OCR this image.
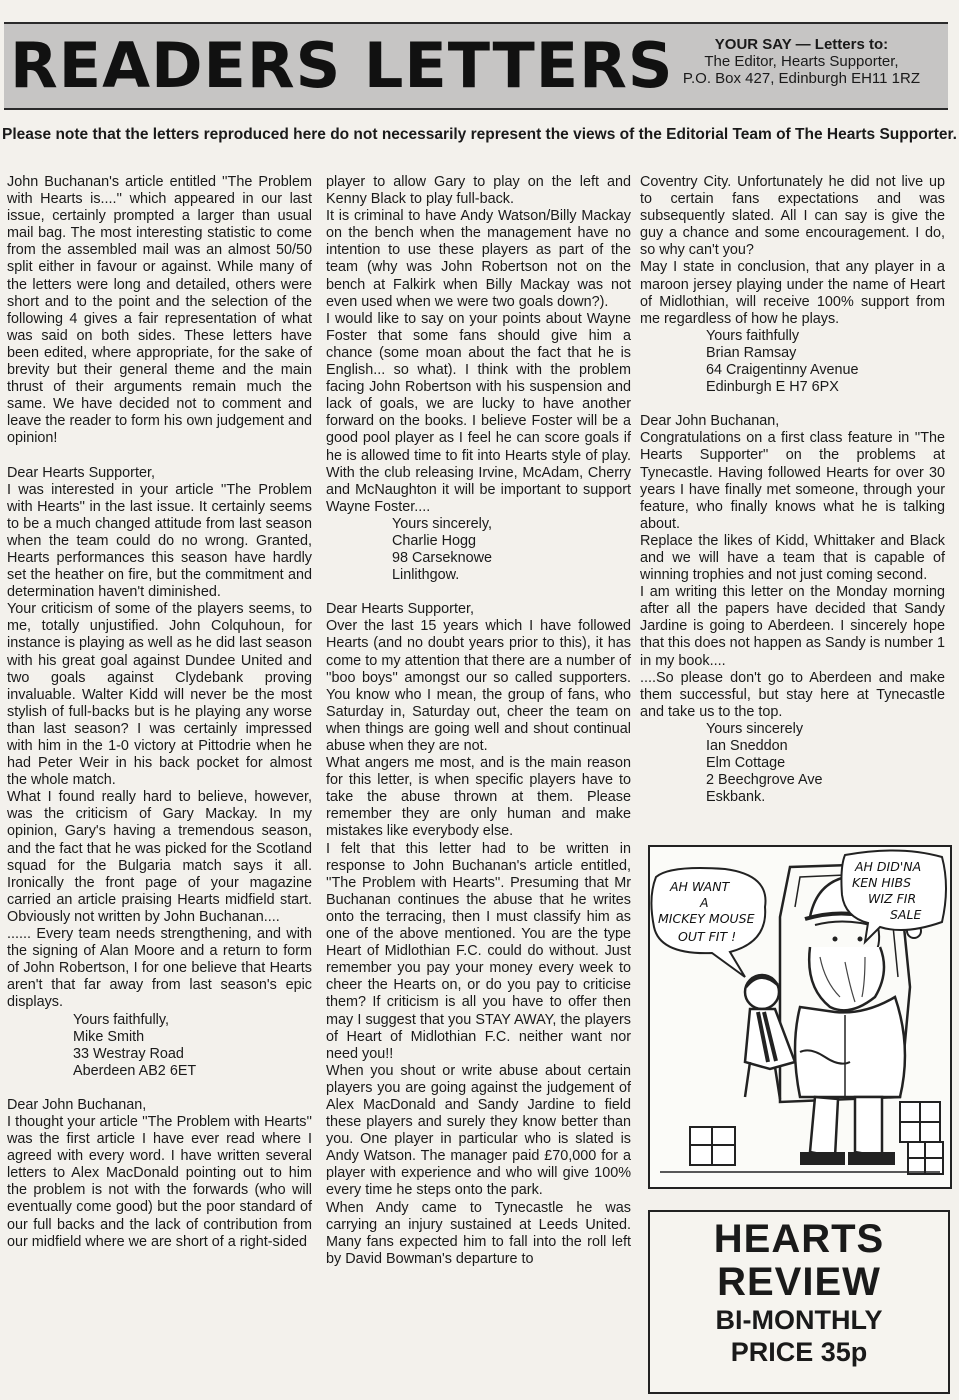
READERS LETTERS	YOUR SAY — Letters to:
The Editor, Hearts Supporter,
P.O. Box 427, Edinburgh EH11 1RZ
Please note that the letters reproduced here do not necessarily represent the views of the Editorial Team of The Hearts Supporter.

John Buchanan's article entitled ''The Problem with Hearts is....'' which appeared in our last issue, certainly prompted a larger than usual mail bag. The most interesting statistic to come from the assembled mail was an almost 50/50 split either in favour or against. While many of the letters were long and detailed, others were short and to the point and the selection of the following 4 gives a fair representation of what was said on both sides. These letters have been edited, where appropriate, for the sake of brevity but their general theme and the main thrust of their arguments remain much the same. We have decided not to comment and leave the reader to form his own judgement and opinion!

Dear Hearts Supporter,

I was interested in your article ''The Problem with Hearts'' in the last issue. It certainly seems to be a much changed attitude from last season when the team could do no wrong. Granted, Hearts performances this season have hardly set the heather on fire, but the commitment and determination haven't diminished.

Your criticism of some of the players seems, to me, totally unjustified. John Colquhoun, for instance is playing as well as he did last season with his great goal against Dundee United and two goals against Clydebank proving invaluable. Walter Kidd will never be the most stylish of full-backs but is he playing any worse than last season? I was certainly impressed with him in the 1-0 victory at Pittodrie when he had Peter Weir in his back pocket for almost the whole match.

What I found really hard to believe, however, was the criticism of Gary Mackay. In my opinion, Gary's having a tremendous season, and the fact that he was picked for the Scotland squad for the Bulgaria match says it all. Ironically the front page of your magazine carried an article praising Hearts midfield start. Obviously not written by John Buchanan....

...... Every team needs strengthening, and with the signing of Alan Moore and a return to form of John Robertson, I for one believe that Hearts aren't that far away from last season's epic displays.

Yours faithfully,

Mike Smith

33 Westray Road

Aberdeen AB2 6ET

Dear John Buchanan,

I thought your article ''The Problem with Hearts'' was the first article I have ever read where I agreed with every word. I have written several letters to Alex MacDonald pointing out to him the problem is not with the forwards (who will eventually come good) but the poor standard of our full backs and the lack of contribution from our midfield where we are short of a right-sided

player to allow Gary to play on the left and Kenny Black to play full-back.

It is criminal to have Andy Watson/Billy Mackay on the bench when the management have no intention to use these players as part of the team (why was John Robertson not on the bench at Falkirk when Billy Mackay was not even used when we were two goals down?).

I would like to say on your points about Wayne Foster that some fans should give him a chance (some moan about the fact that he is English... so what). I think with the problem facing John Robertson with his suspension and lack of goals, we are lucky to have another forward on the books. I believe Foster will be a good pool player as I feel he can score goals if he is allowed time to fit into Hearts style of play. With the club releasing Irvine, McAdam, Cherry and McNaughton it will be important to support Wayne Foster....

Yours sincerely,

Charlie Hogg

98 Carseknowe

Linlithgow.

Dear Hearts Supporter,

Over the last 15 years which I have followed Hearts (and no doubt years prior to this), it has come to my attention that there are a number of ''boo boys'' amongst our so called supporters. You know who I mean, the group of fans, who Saturday in, Saturday out, cheer the team on when things are going well and shout continual abuse when they are not.

What angers me most, and is the main reason for this letter, is when specific players have to take the abuse thrown at them. Please remember they are only human and make mistakes like everybody else.

I felt that this letter had to be written in response to John Buchanan's article entitled, ''The Problem with Hearts''. Presuming that Mr Buchanan continues the abuse that he writes onto the terracing, then I must classify him as one of the above mentioned. You are the type Heart of Midlothian F.C. could do without. Just remember you pay your money every week to cheer the Hearts on, or do you pay to criticise them? If criticism is all you have to offer then may I suggest that you STAY AWAY, the players of Heart of Midlothian F.C. neither want nor need you!!

When you shout or write abuse about certain players you are going against the judgement of Alex MacDonald and Sandy Jardine to field these players and surely they know better than you. One player in particular who is slated is Andy Watson. The manager paid £70,000 for a player with experience and who will give 100% every time he steps onto the park.

When Andy came to Tynecastle he was carrying an injury sustained at Leeds United. Many fans expected him to fall into the roll left by David Bowman's departure to

Coventry City. Unfortunately he did not live up to certain fans expectations and was subsequently slated. All I can say is give the guy a chance and some encouragement. I do, so why can't you?

May I state in conclusion, that any player in a maroon jersey playing under the name of Heart of Midlothian, will receive 100% support from me regardless of how he plays.

Yours faithfully

Brian Ramsay

64 Craigentinny Avenue

Edinburgh E H7 6PX

Dear John Buchanan,

Congratulations on a first class feature in ''The Hearts Supporter'' on the problems at Tynecastle. Having followed Hearts for over 30 years I have finally met someone, through your feature, who finally knows what he is talking about.

Replace the likes of Kidd, Whittaker and Black and we will have a team that is capable of winning trophies and not just coming second.

I am writing this letter on the Monday morning after all the papers have decided that Sandy Jardine is going to Aberdeen. I sincerely hope that this does not happen as Sandy is number 1 in my book....

....So please don't go to Aberdeen and make them successful, but stay here at Tynecastle and take us to the top.

Yours sincerely

Ian Sneddon

Elm Cottage

2 Beechgrove Ave

Eskbank.

AH WANT
A
MICKEY MOUSE
OUT FIT !
AH DID'NA
KEN HIBS
WIZ FIR
SALE
HEARTS
REVIEW
BI-MONTHLY
PRICE 35p
